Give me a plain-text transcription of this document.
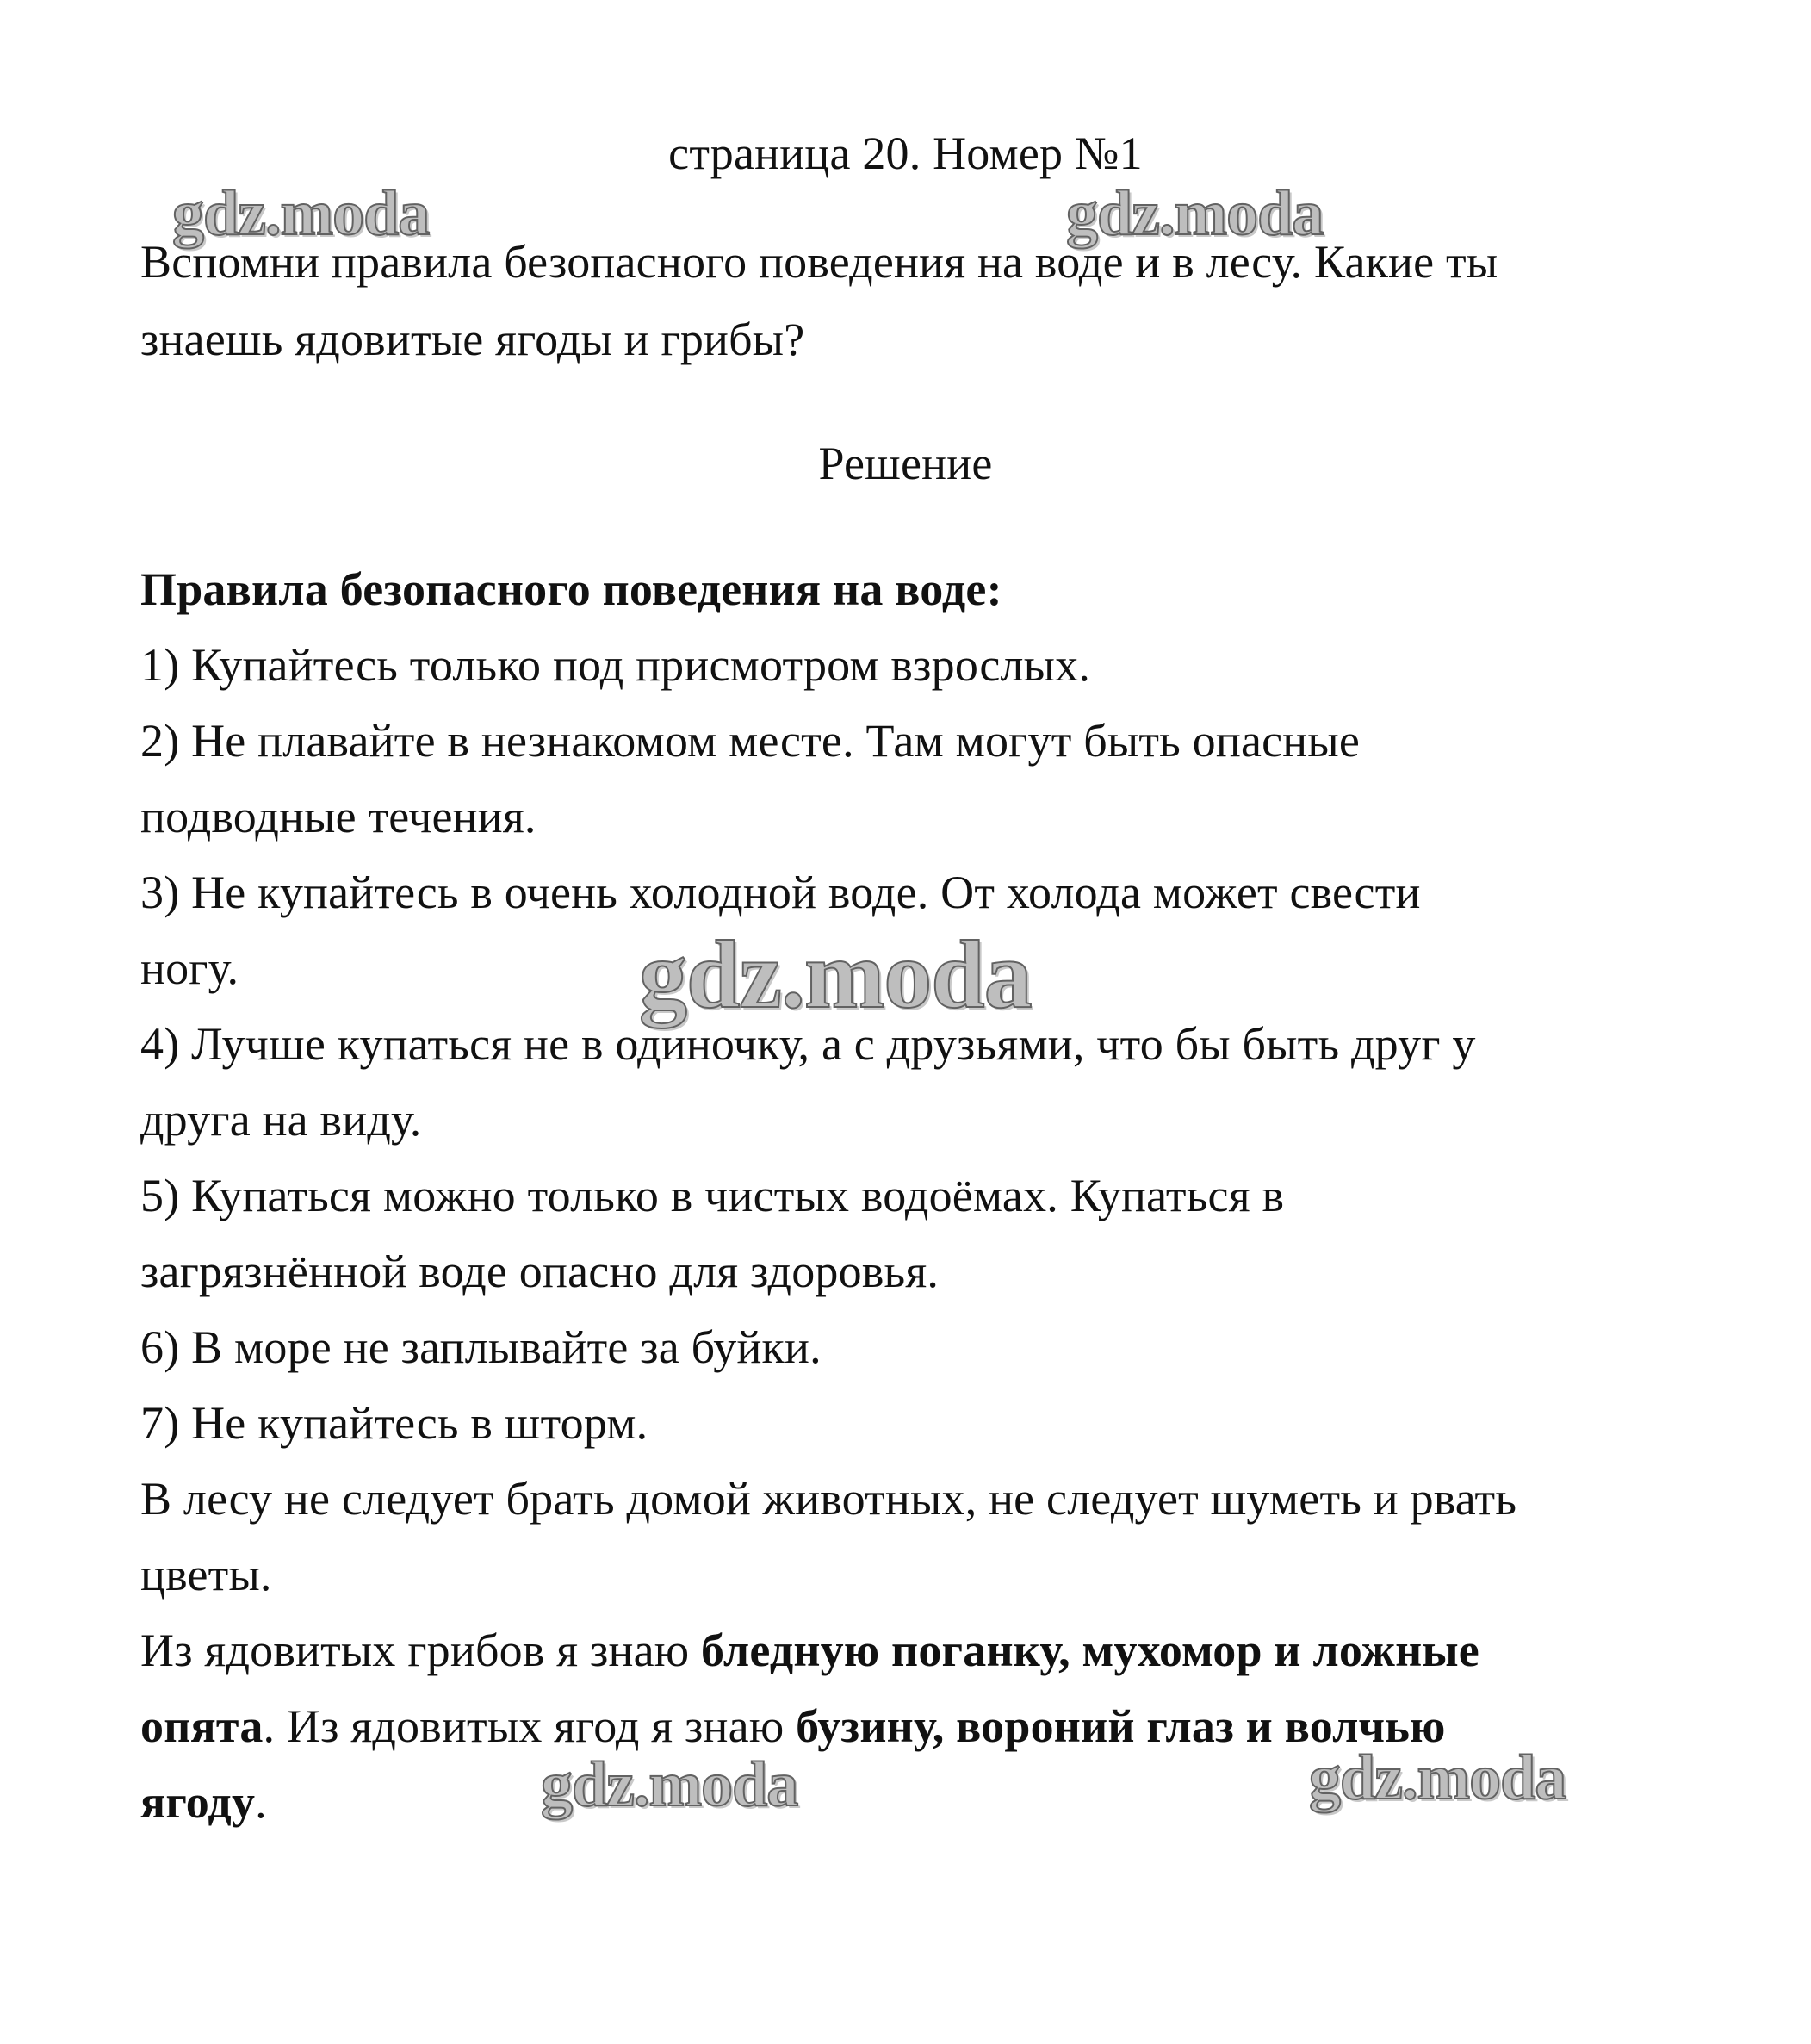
страница 20. Номер №1
Вспомни правила безопасного поведения на воде и в лесу. Какие ты
знаешь ядовитые ягоды и грибы?
Решение
Правила безопасного поведения на воде:
1) Купайтесь только под присмотром взрослых.
2) Не плавайте в незнакомом месте. Там могут быть опасные
подводные течения.
3) Не купайтесь в очень холодной воде. От холода может свести
ногу.
4) Лучше купаться не в одиночку, а с друзьями, что бы быть друг у
друга на виду.
5) Купаться можно только в чистых водоёмах. Купаться в
загрязнённой воде опасно для здоровья.
6) В море не заплывайте за буйки.
7) Не купайтесь в шторм.
В лесу не следует брать домой животных, не следует шуметь и рвать
цветы.
Из ядовитых грибов я знаю бледную поганку, мухомор и ложные
опята. Из ядовитых ягод я знаю бузину, вороний глаз и волчью
ягоду.
gdz.moda	gdz.moda
gdz.moda
gdz.moda	gdz.moda
